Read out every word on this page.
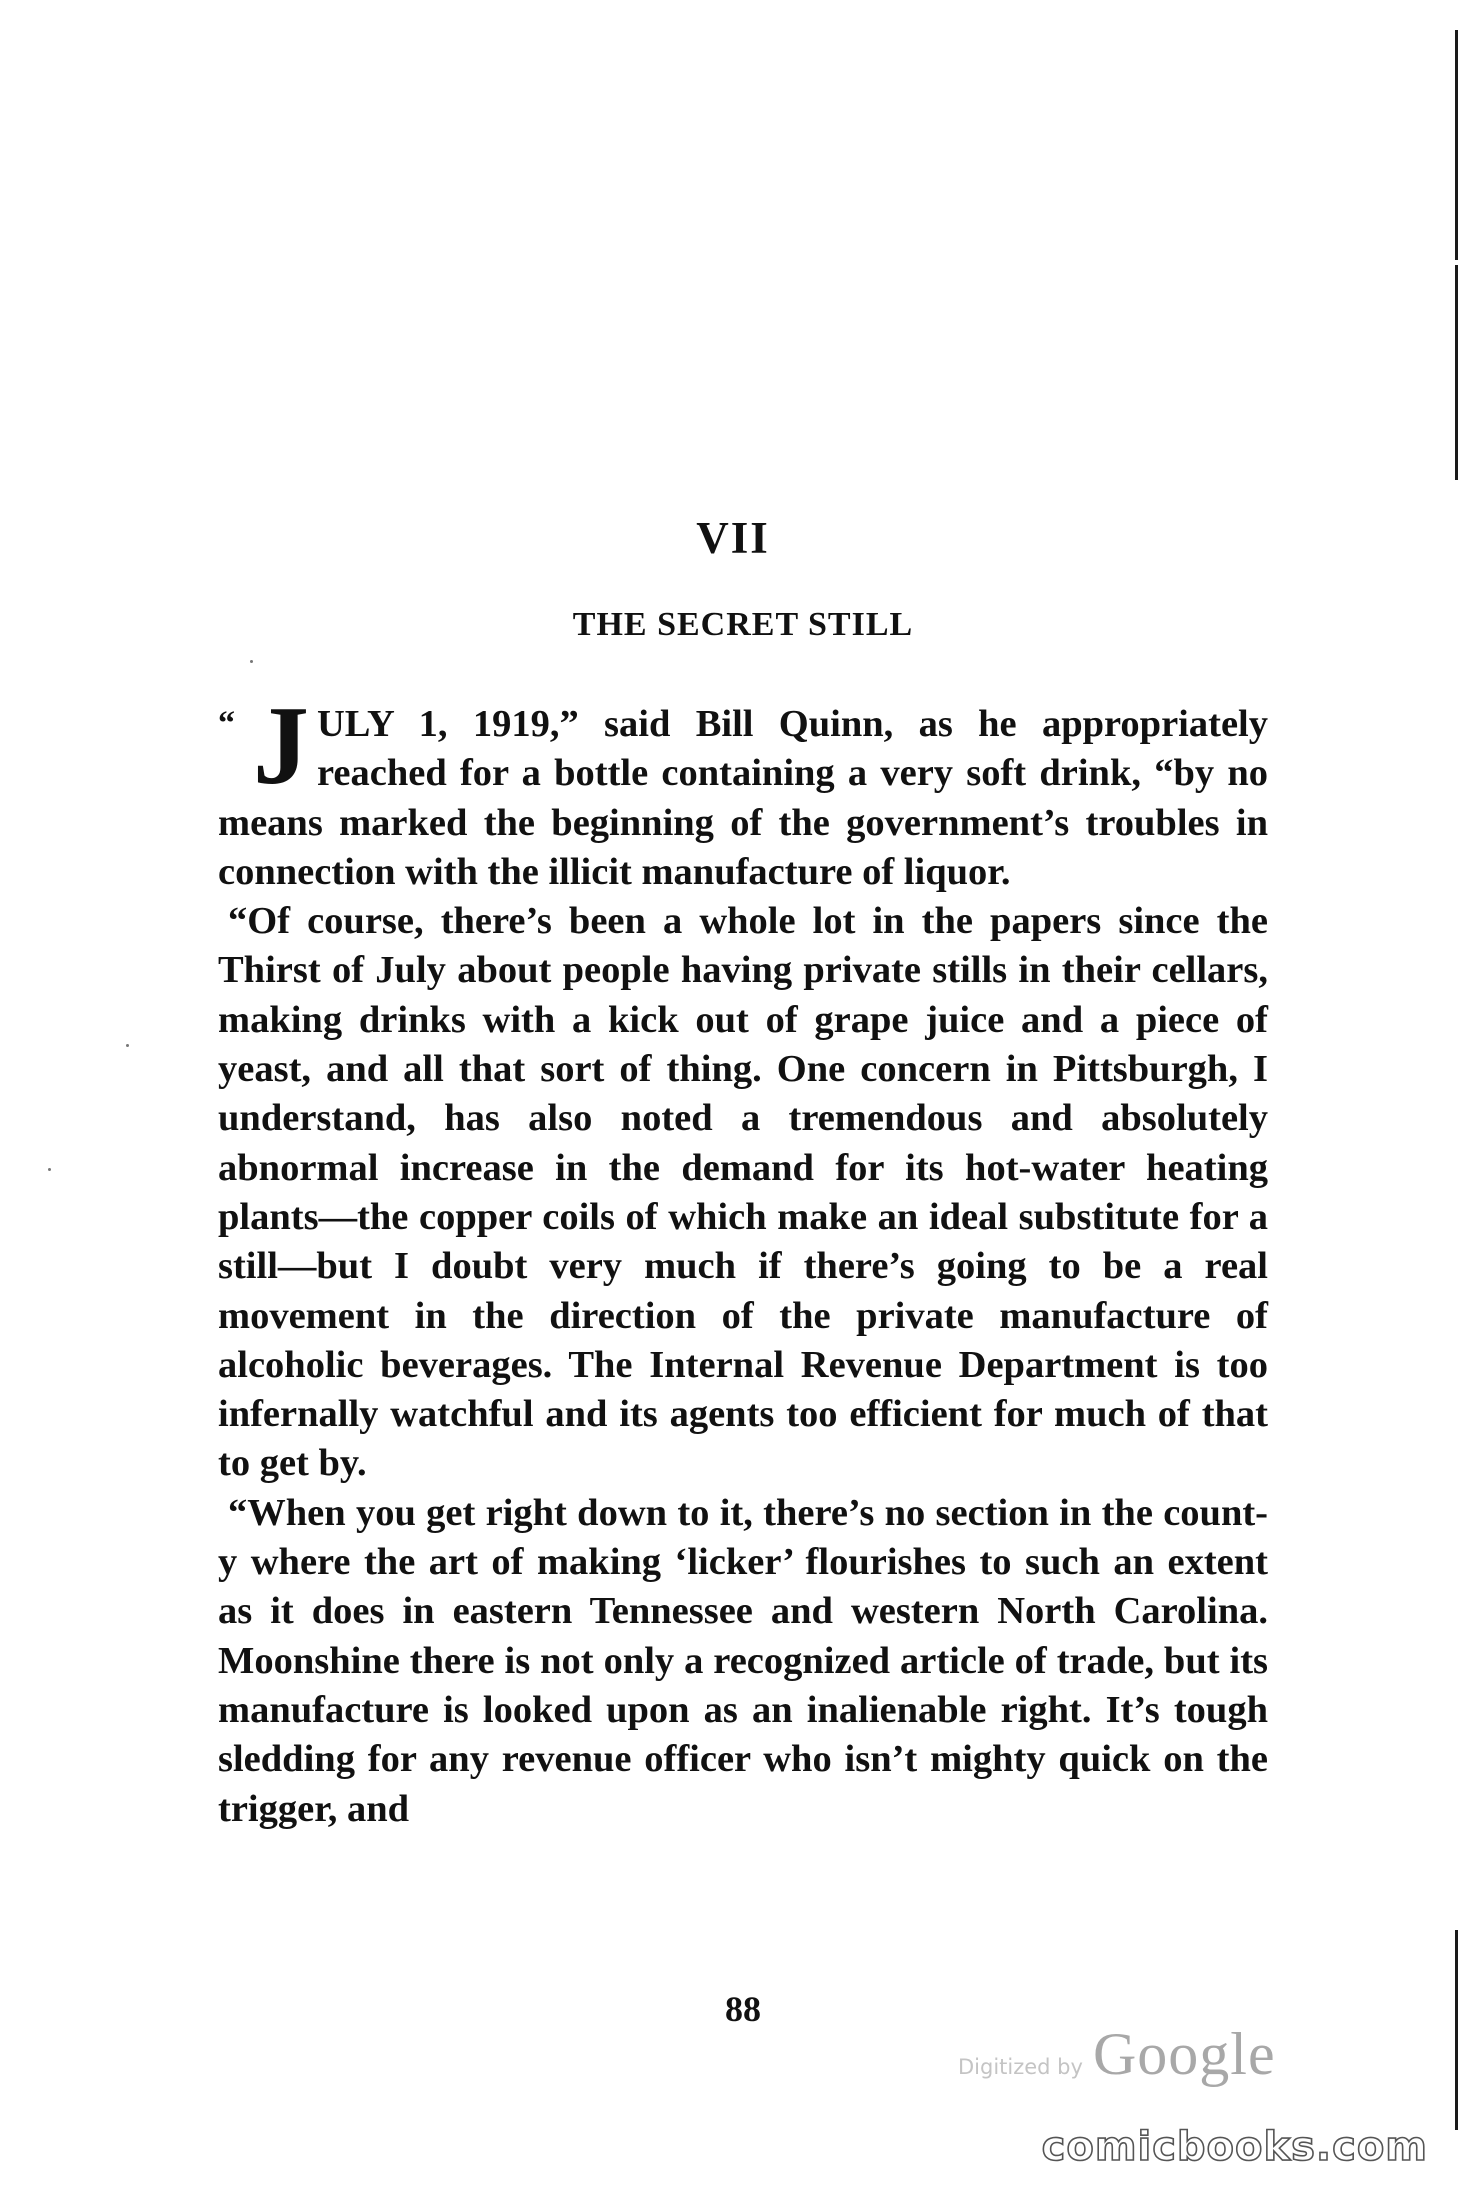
VII
THE SECRET STILL

“ J ULY 1, 1919,” said Bill Quinn, as he appropriately reached for a bottle containing a very soft drink, “by no means marked the beginning of the government’s troubles in connection with the illicit manufacture of liquor.

“Of course, there’s been a whole lot in the papers since the Thirst of July about people having private stills in their cellars, making drinks with a kick out of grape juice and a piece of yeast, and all that sort of thing. One concern in Pittsburgh, I understand, has also noted a tremendous and absolutely abnormal increase in the demand for its hot-water heating plants—the copper coils of which make an ideal substitute for a still—but I doubt very much if there’s going to be a real movement in the direction of the private manufacture of alcoholic beverages. The Internal Revenue Department is too infernally watchful and its agents too efficient for much of that to get by.

“When you get right down to it, there’s no section in the count-y where the art of making ‘licker’ flourishes to such an extent as it does in eastern Tennessee and western North Carolina. Moonshine there is not only a recognized article of trade, but its manufacture is looked upon as an inalienable right. It’s tough sledding for any revenue officer who isn’t mighty quick on the trigger, and

88
Digitized by Google
comicbooks.com
